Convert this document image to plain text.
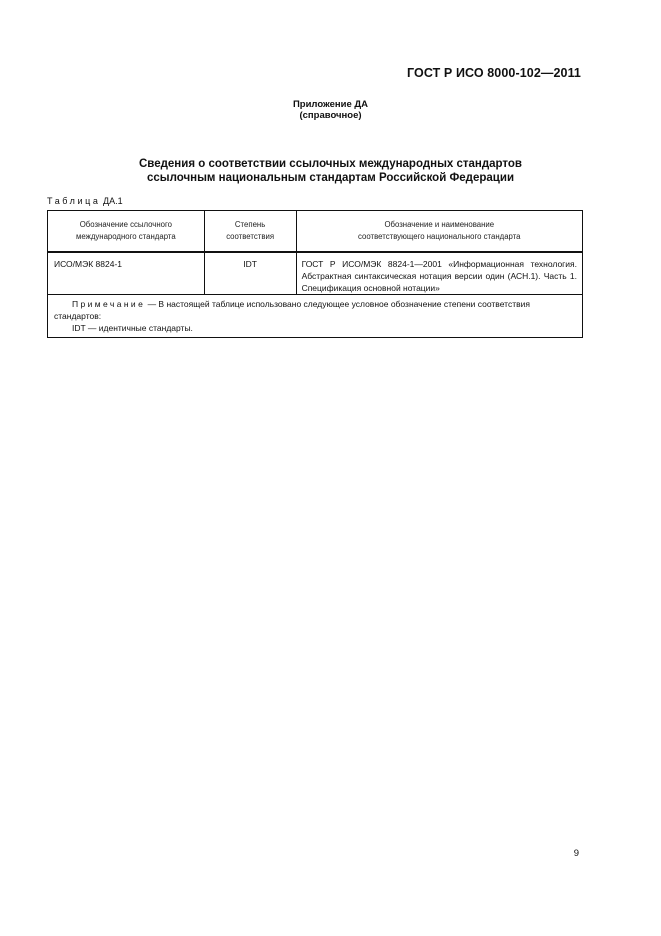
ГОСТ Р ИСО 8000-102—2011
Приложение ДА
(справочное)
Сведения о соответствии ссылочных международных стандартов
ссылочным национальным стандартам Российской Федерации
Таблица ДА.1
Обозначение ссылочного международного стандарта	Степень соответствия	Обозначение и наименование соответствующего национального стандарта
ИСО/МЭК 8824-1	IDT	ГОСТ Р ИСО/МЭК 8824-1—2001 «Информационная технология. Абстрактная синтаксическая нотация версии один (АСН.1). Часть 1. Спецификация основной нотации»
Примечание — В настоящей таблице использовано следующее условное обозначение степени соответствия стандартов:
IDT — идентичные стандарты.		
9
